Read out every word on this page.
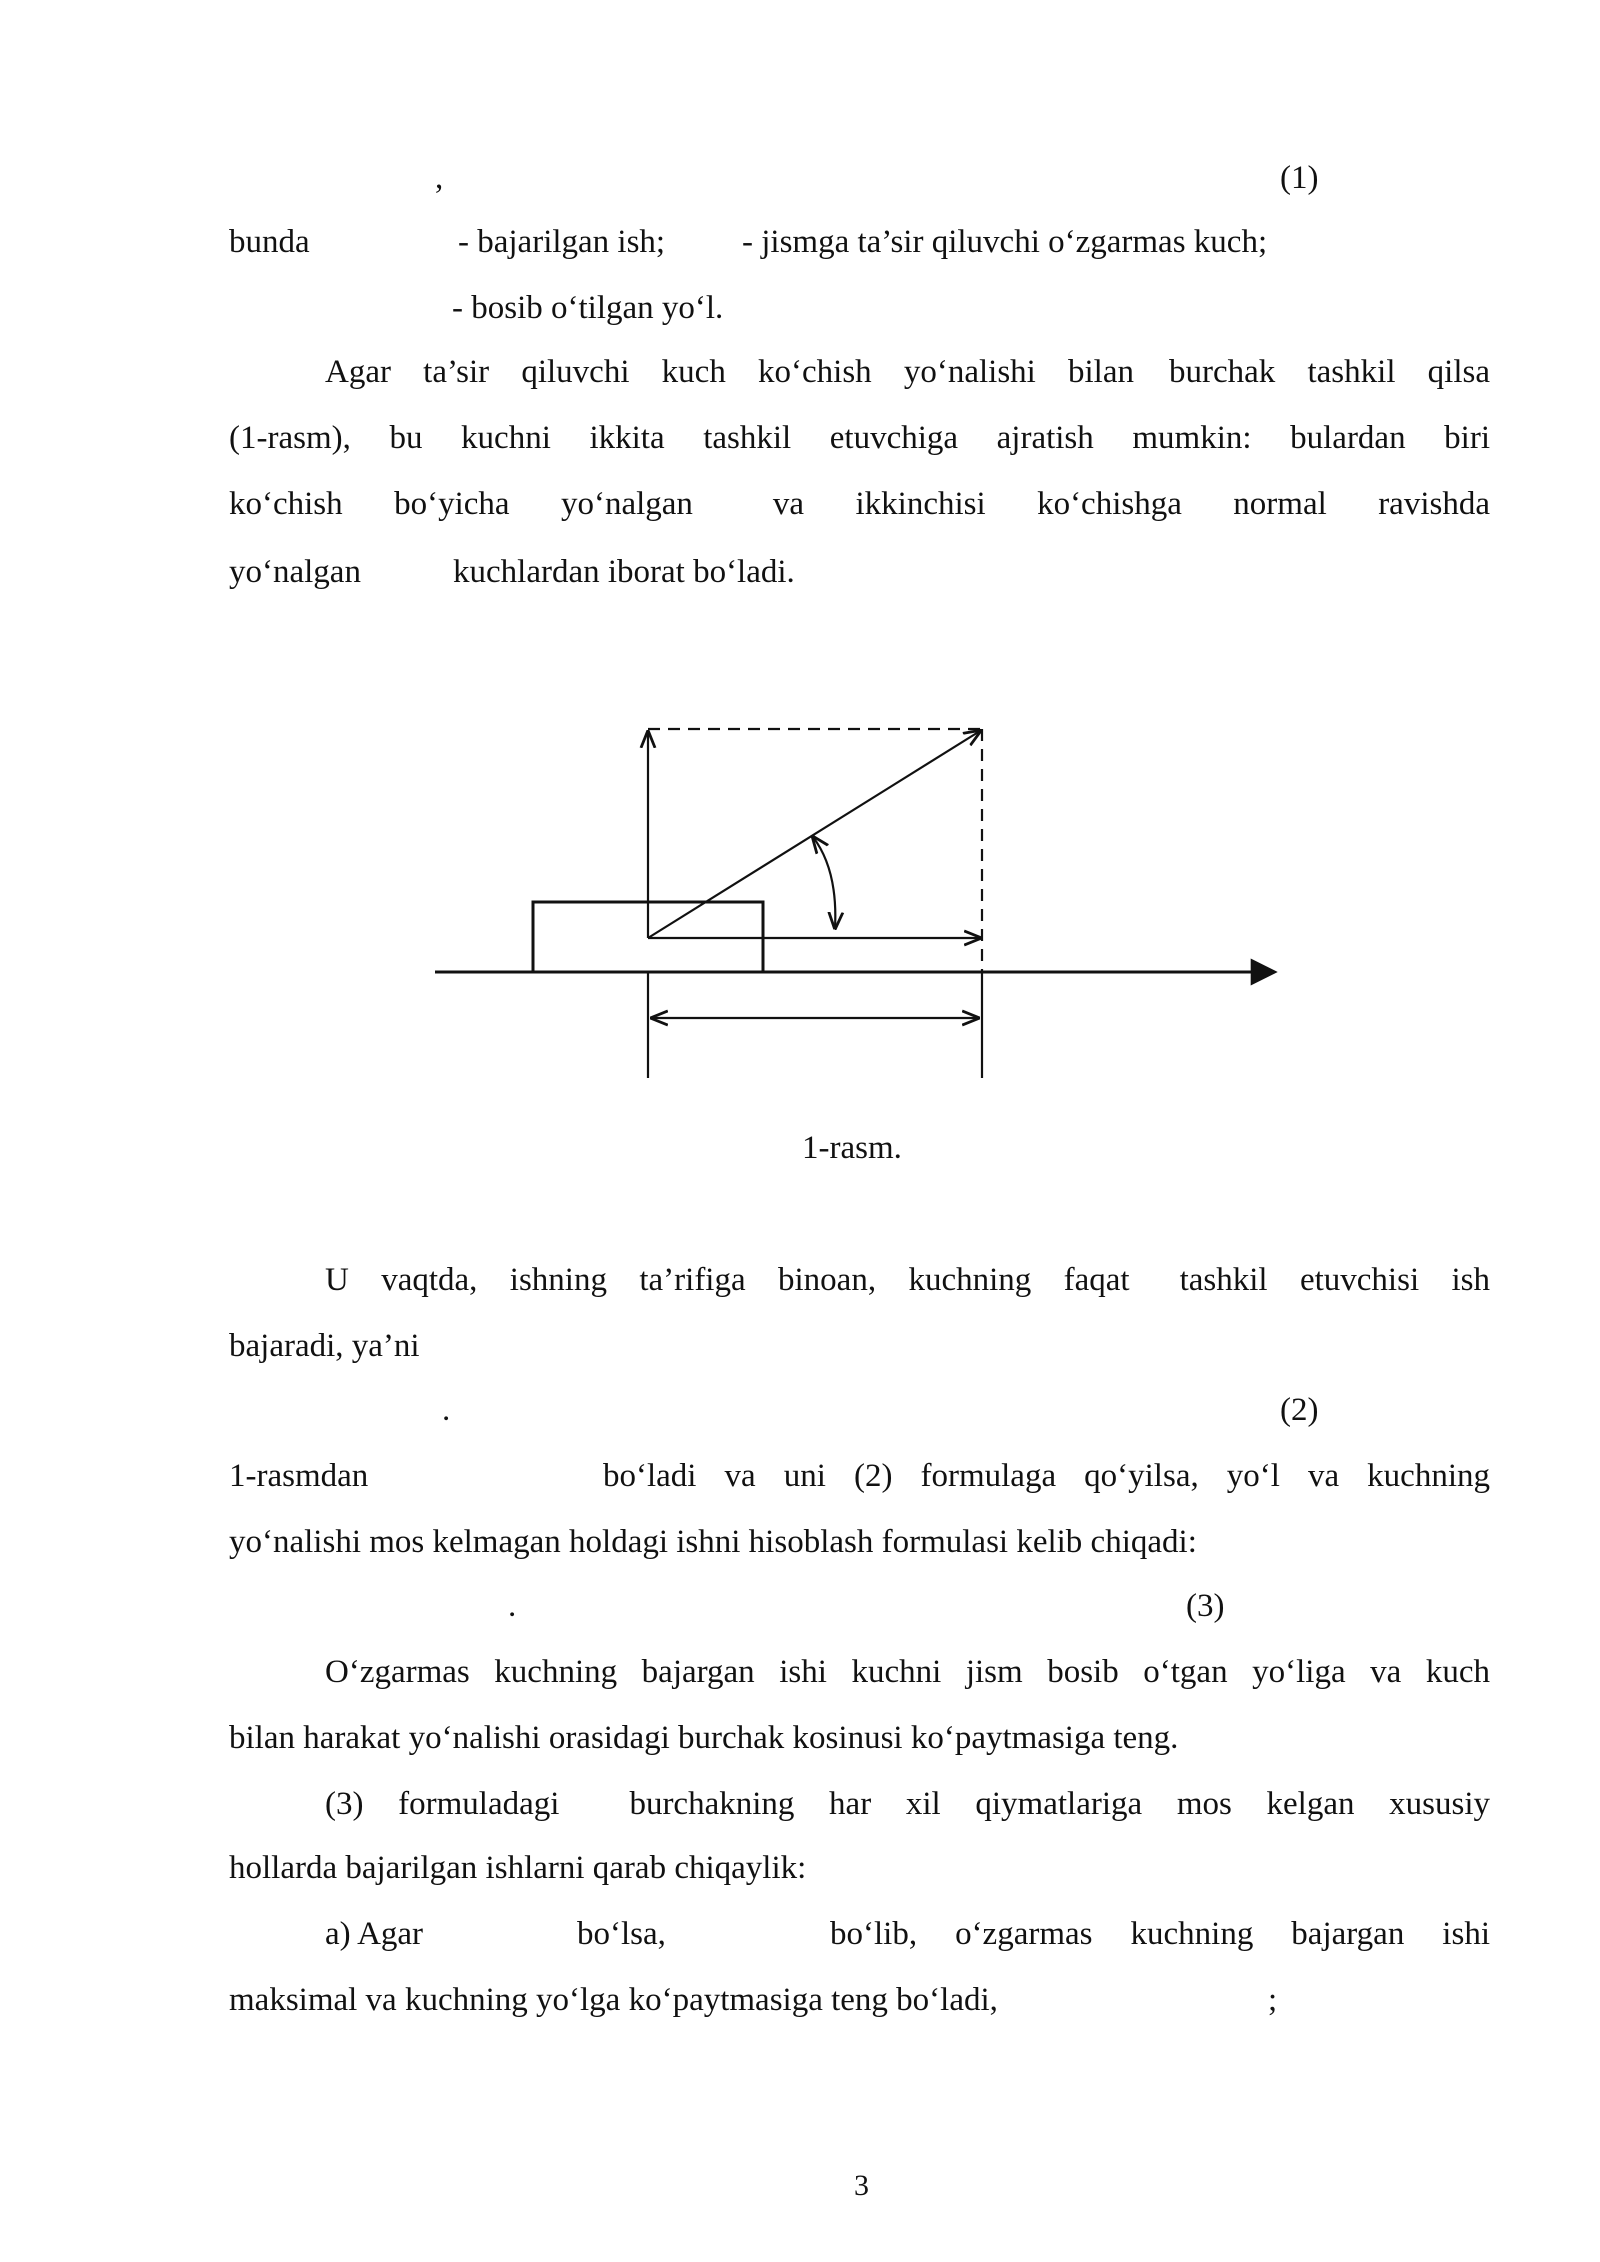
,	(1)
bunda	- bajarilgan ish; - jismga ta’sir qiluvchi o‘zgarmas kuch;
- bosib o‘tilgan yo‘l.
Agar ta’sir qiluvchi kuch ko‘chish yo‘nalishi bilan burchak tashkil qilsa
(1-rasm), bu kuchni ikkita tashkil etuvchiga ajratish mumkin: bulardan biri
ko‘chish bo‘yicha yo‘nalgan va ikkinchisi ko‘chishga normal ravishda
yo‘nalgan	kuchlardan iborat bo‘ladi.
1-rasm.
U vaqtda, ishning ta’rifiga binoan, kuchning faqat tashkil etuvchisi ish
bajaradi, ya’ni
.	(2)
1-rasmdan	bo‘ladi va uni (2) formulaga qo‘yilsa, yo‘l va kuchning
yo‘nalishi mos kelmagan holdagi ishni hisoblash formulasi kelib chiqadi:
.	(3)
O‘zgarmas kuchning bajargan ishi kuchni jism bosib o‘tgan yo‘liga va kuch
bilan harakat yo‘nalishi orasidagi burchak kosinusi ko‘paytmasiga teng.
(3) formuladagi burchakning har xil qiymatlariga mos kelgan xususiy
hollarda bajarilgan ishlarni qarab chiqaylik:
a) Agar	bo‘lsa,	bo‘lib, o‘zgarmas kuchning bajargan ishi
maksimal va kuchning yo‘lga ko‘paytmasiga teng bo‘ladi,	;
3
